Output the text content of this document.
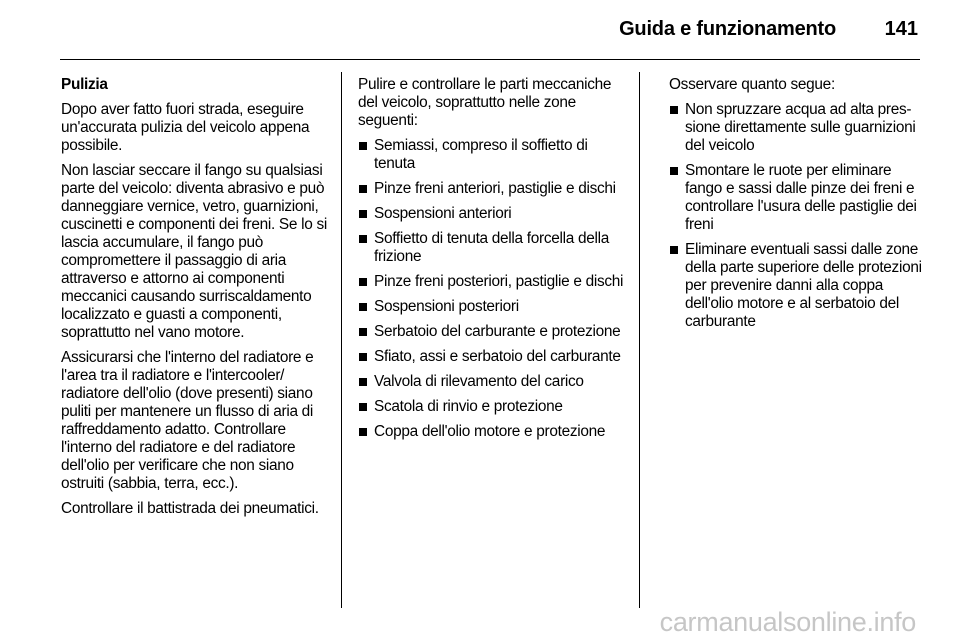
Guida e funzionamento 141

Pulizia

Dopo aver fatto fuori strada, eseguire un'accurata pulizia del veicolo appena possibile.

Non lasciar seccare il fango su qualsiasi parte del veicolo: diventa abrasivo e può danneggiare vernice, vetro, guarnizioni, cuscinetti e componenti dei freni. Se lo si lascia accumulare, il fango può compromettere il passaggio di aria attraverso e attorno ai componenti meccanici causando surriscaldamento localizzato e guasti a componenti, soprattutto nel vano motore.

Assicurarsi che l'interno del radiatore e l'area tra il radiatore e l'intercooler/ radiatore dell'olio (dove presenti) siano puliti per mantenere un flusso di aria di raffreddamento adatto. Controllare l'interno del radiatore e del radiatore dell'olio per verificare che non siano ostruiti (sabbia, terra, ecc.).

Controllare il battistrada dei pneumatici.

Pulire e controllare le parti meccaniche del veicolo, soprattutto nelle zone seguenti:

Semiassi, compreso il soffietto di tenuta
Pinze freni anteriori, pastiglie e dischi
Sospensioni anteriori
Soffietto di tenuta della forcella della frizione
Pinze freni posteriori, pastiglie e dischi
Sospensioni posteriori
Serbatoio del carburante e protezione
Sfiato, assi e serbatoio del carburante
Valvola di rilevamento del carico
Scatola di rinvio e protezione
Coppa dell'olio motore e protezione

Osservare quanto segue:

Non spruzzare acqua ad alta pressione direttamente sulle guarnizioni del veicolo
Smontare le ruote per eliminare fango e sassi dalle pinze dei freni e controllare l'usura delle pastiglie dei freni
Eliminare eventuali sassi dalle zone della parte superiore delle protezioni per prevenire danni alla coppa dell'olio motore e al serbatoio del carburante
carmanualsonline.info
